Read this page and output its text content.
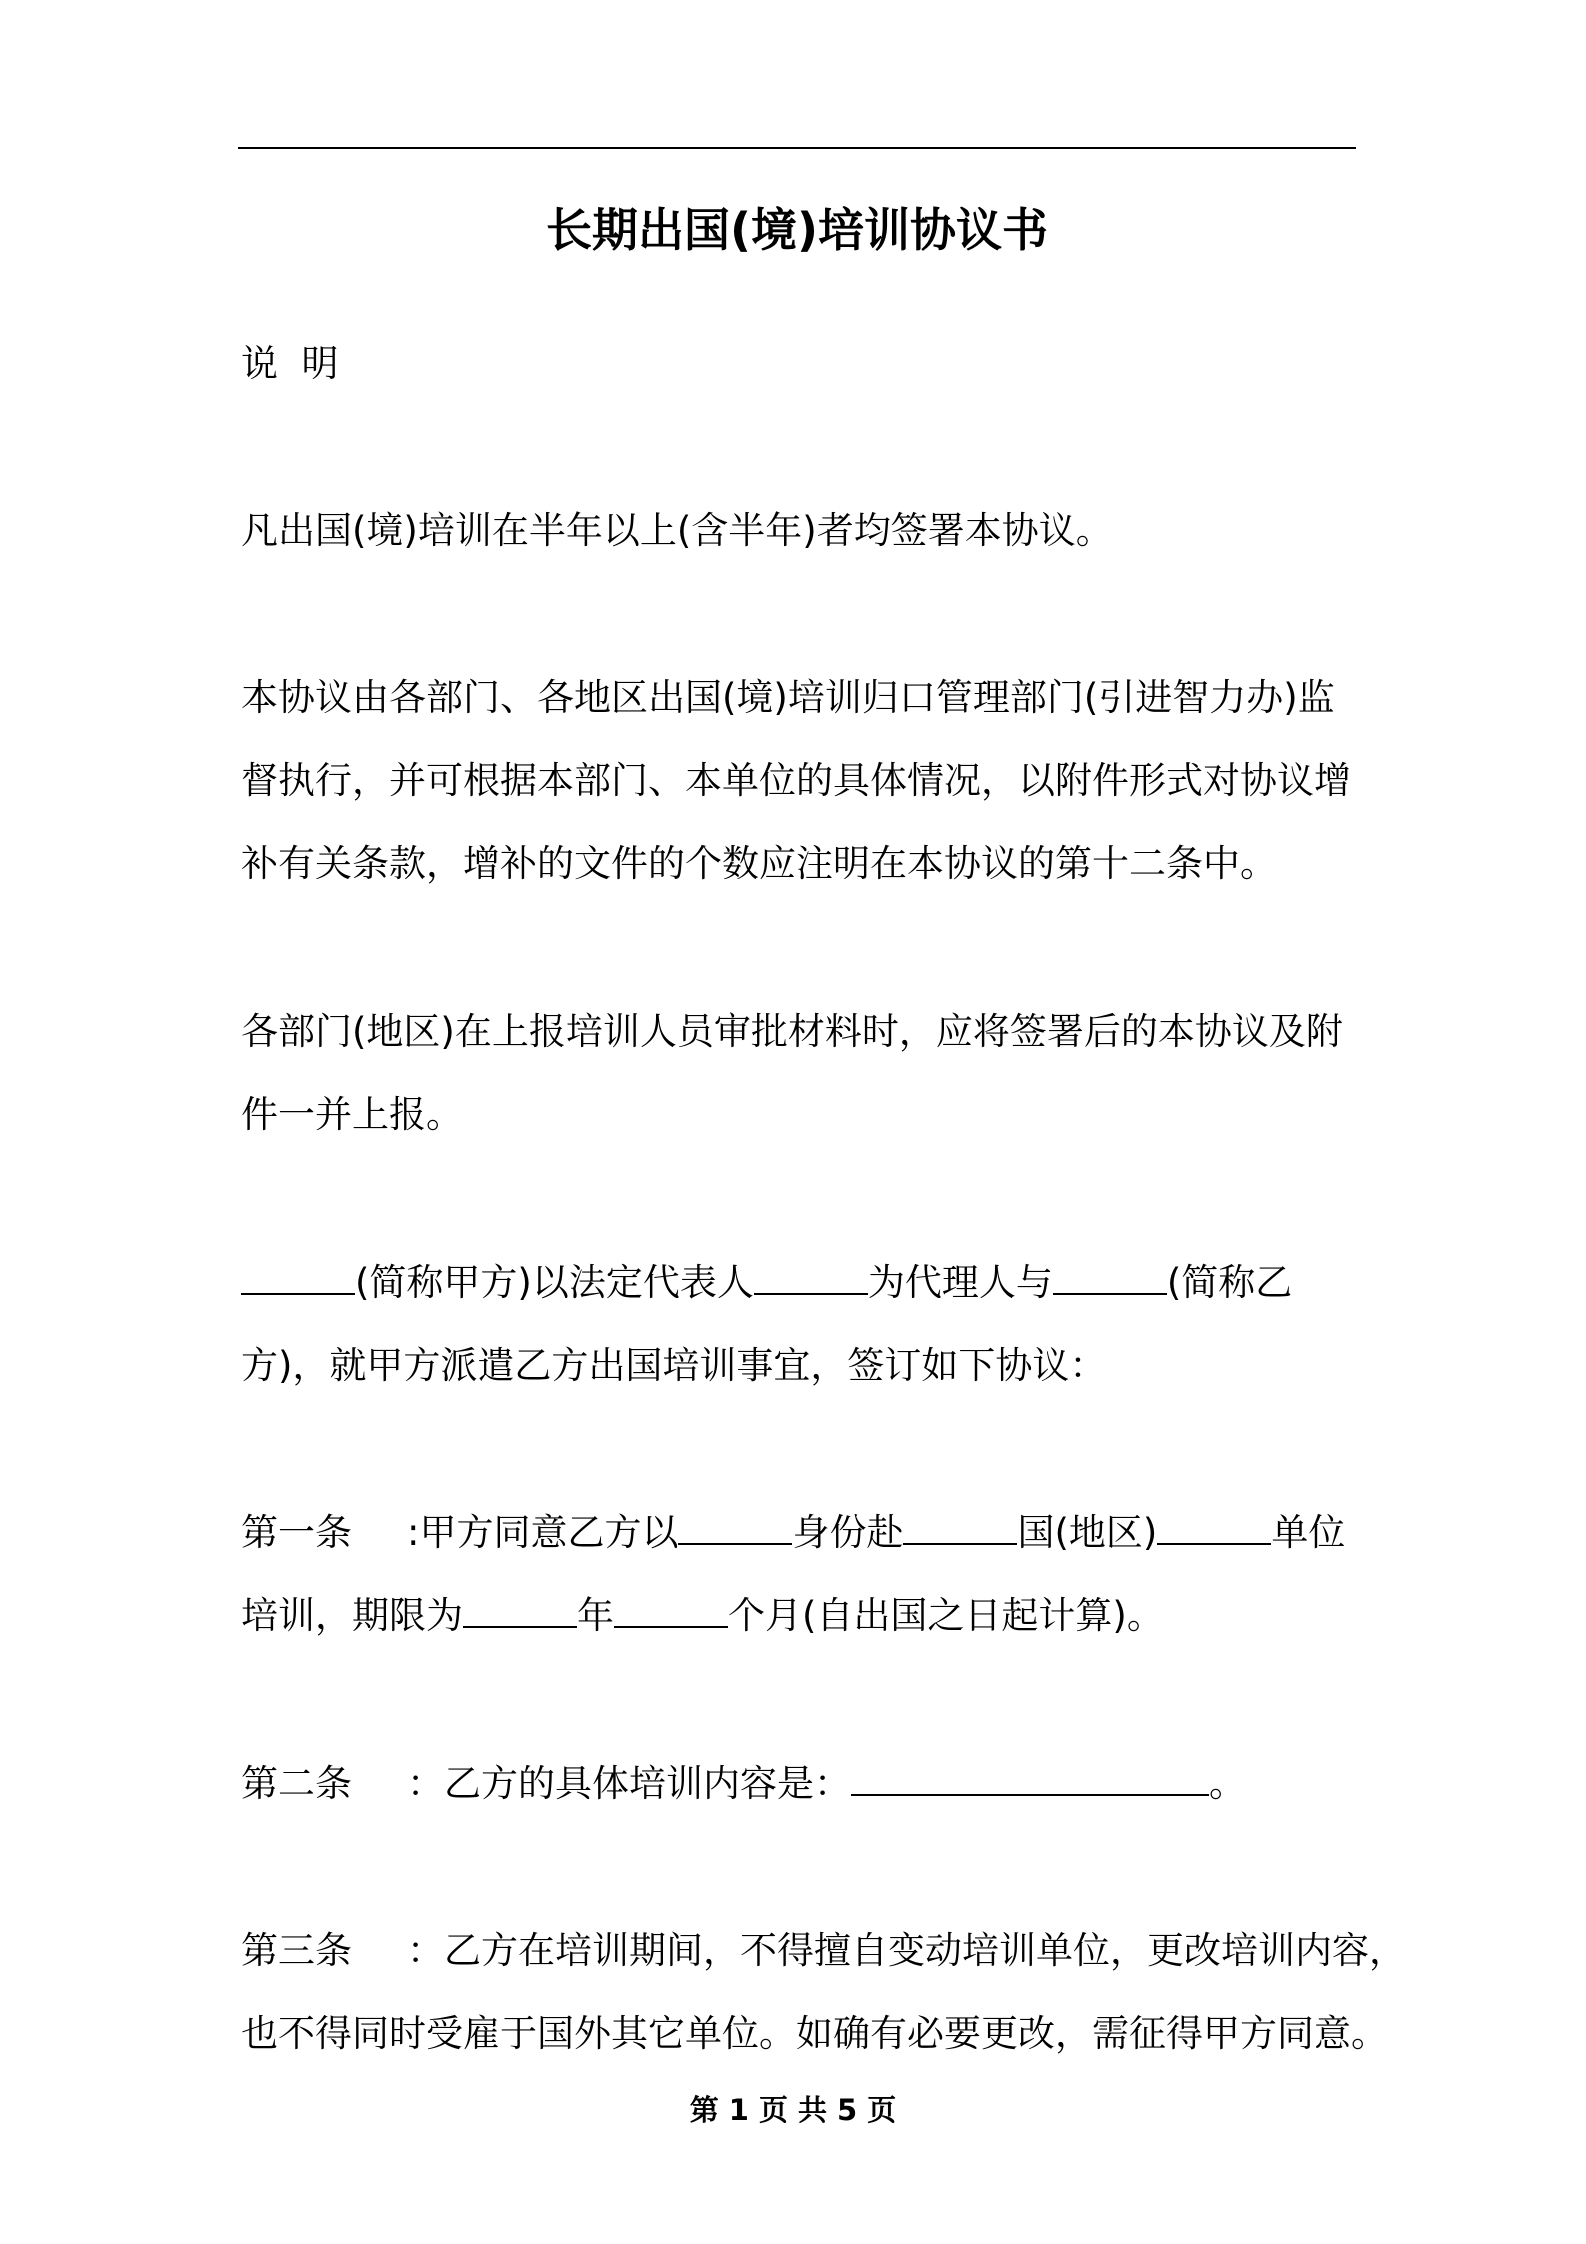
长期出国(境)培训协议书
说  明
凡出国(境)培训在半年以上(含半年)者均签署本协议。
本协议由各部门、各地区出国(境)培训归口管理部门(引进智力办)监
督执行，并可根据本部门、本单位的具体情况，以附件形式对协议增
补有关条款，增补的文件的个数应注明在本协议的第十二条中。
各部门(地区)在上报培训人员审批材料时，应将签署后的本协议及附
件一并上报。
(简称甲方)以法定代表人	为代理人与	(简称乙
方)，就甲方派遣乙方出国培训事宜，签订如下协议：
第一条 :甲方同意乙方以	身份赴	国(地区)	单位
培训，期限为	年	个月(自出国之日起计算)。
第二条 ：乙方的具体培训内容是：	。
第三条 ：乙方在培训期间，不得擅自变动培训单位，更改培训内容，
也不得同时受雇于国外其它单位。如确有必要更改，需征得甲方同意。
第 1 页 共 5 页
